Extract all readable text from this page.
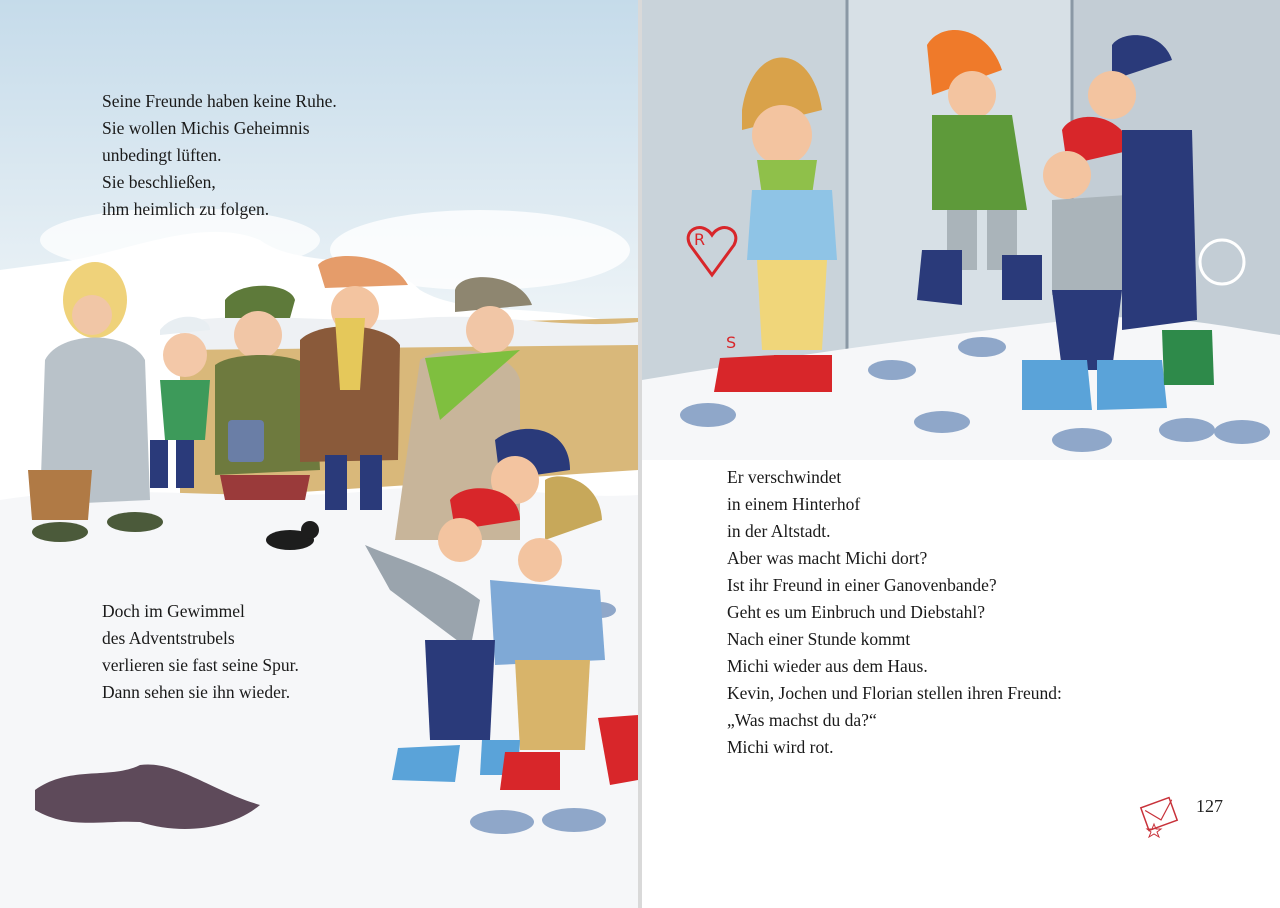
Seine Freunde haben keine Ruhe.
Sie wollen Michis Geheimnis
unbedingt lüften.
Sie beschließen,
ihm heimlich zu folgen.
Doch im Gewimmel
des Adventstrubels
verlieren sie fast seine Spur.
Dann sehen sie ihn wieder.
R
S
Er verschwindet
in einem Hinterhof
in der Altstadt.
Aber was macht Michi dort?
Ist ihr Freund in einer Ganovenbande?
Geht es um Einbruch und Diebstahl?
Nach einer Stunde kommt
Michi wieder aus dem Haus.
Kevin, Jochen und Florian stellen ihren Freund:
„Was machst du da?“
Michi wird rot.
127
